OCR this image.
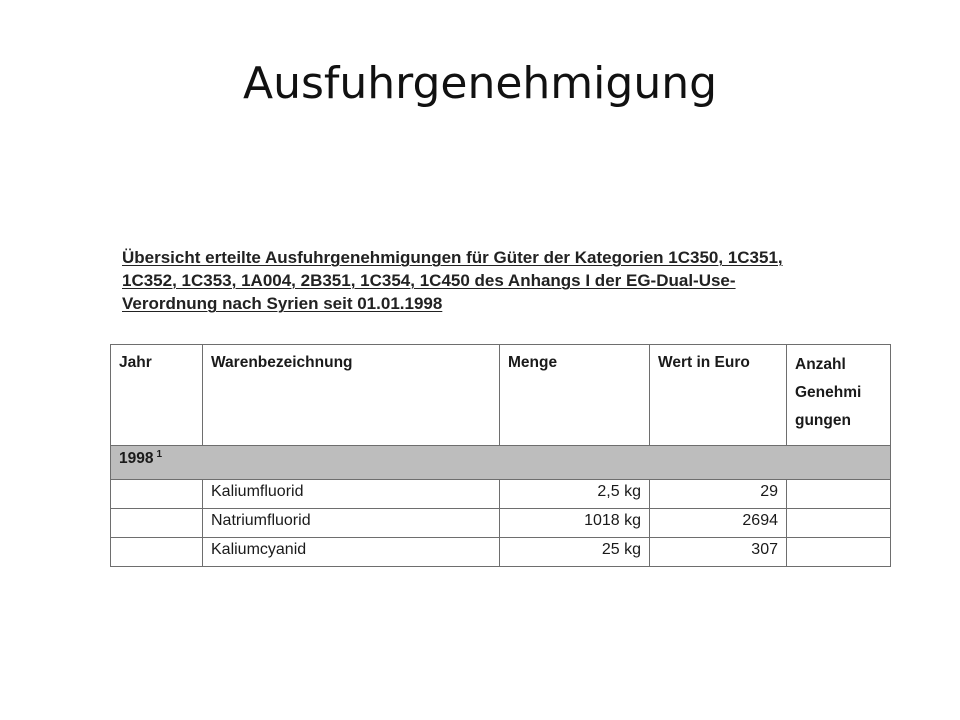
Ausfuhrgenehmigung
Übersicht erteilte Ausfuhrgenehmigungen für Güter der Kategorien 1C350, 1C351,
1C352, 1C353, 1A004, 2B351, 1C354, 1C450 des Anhangs I der EG-Dual-Use-
Verordnung nach Syrien seit 01.01.1998
Jahr	Warenbezeichnung	Menge	Wert in Euro	Anzahl
Genehmi
gungen

1998 $^1$
	Kaliumfluorid	2,5 kg	29	
	Natriumfluorid	1018 kg	2694	
	Kaliumcyanid	25 kg	307	
